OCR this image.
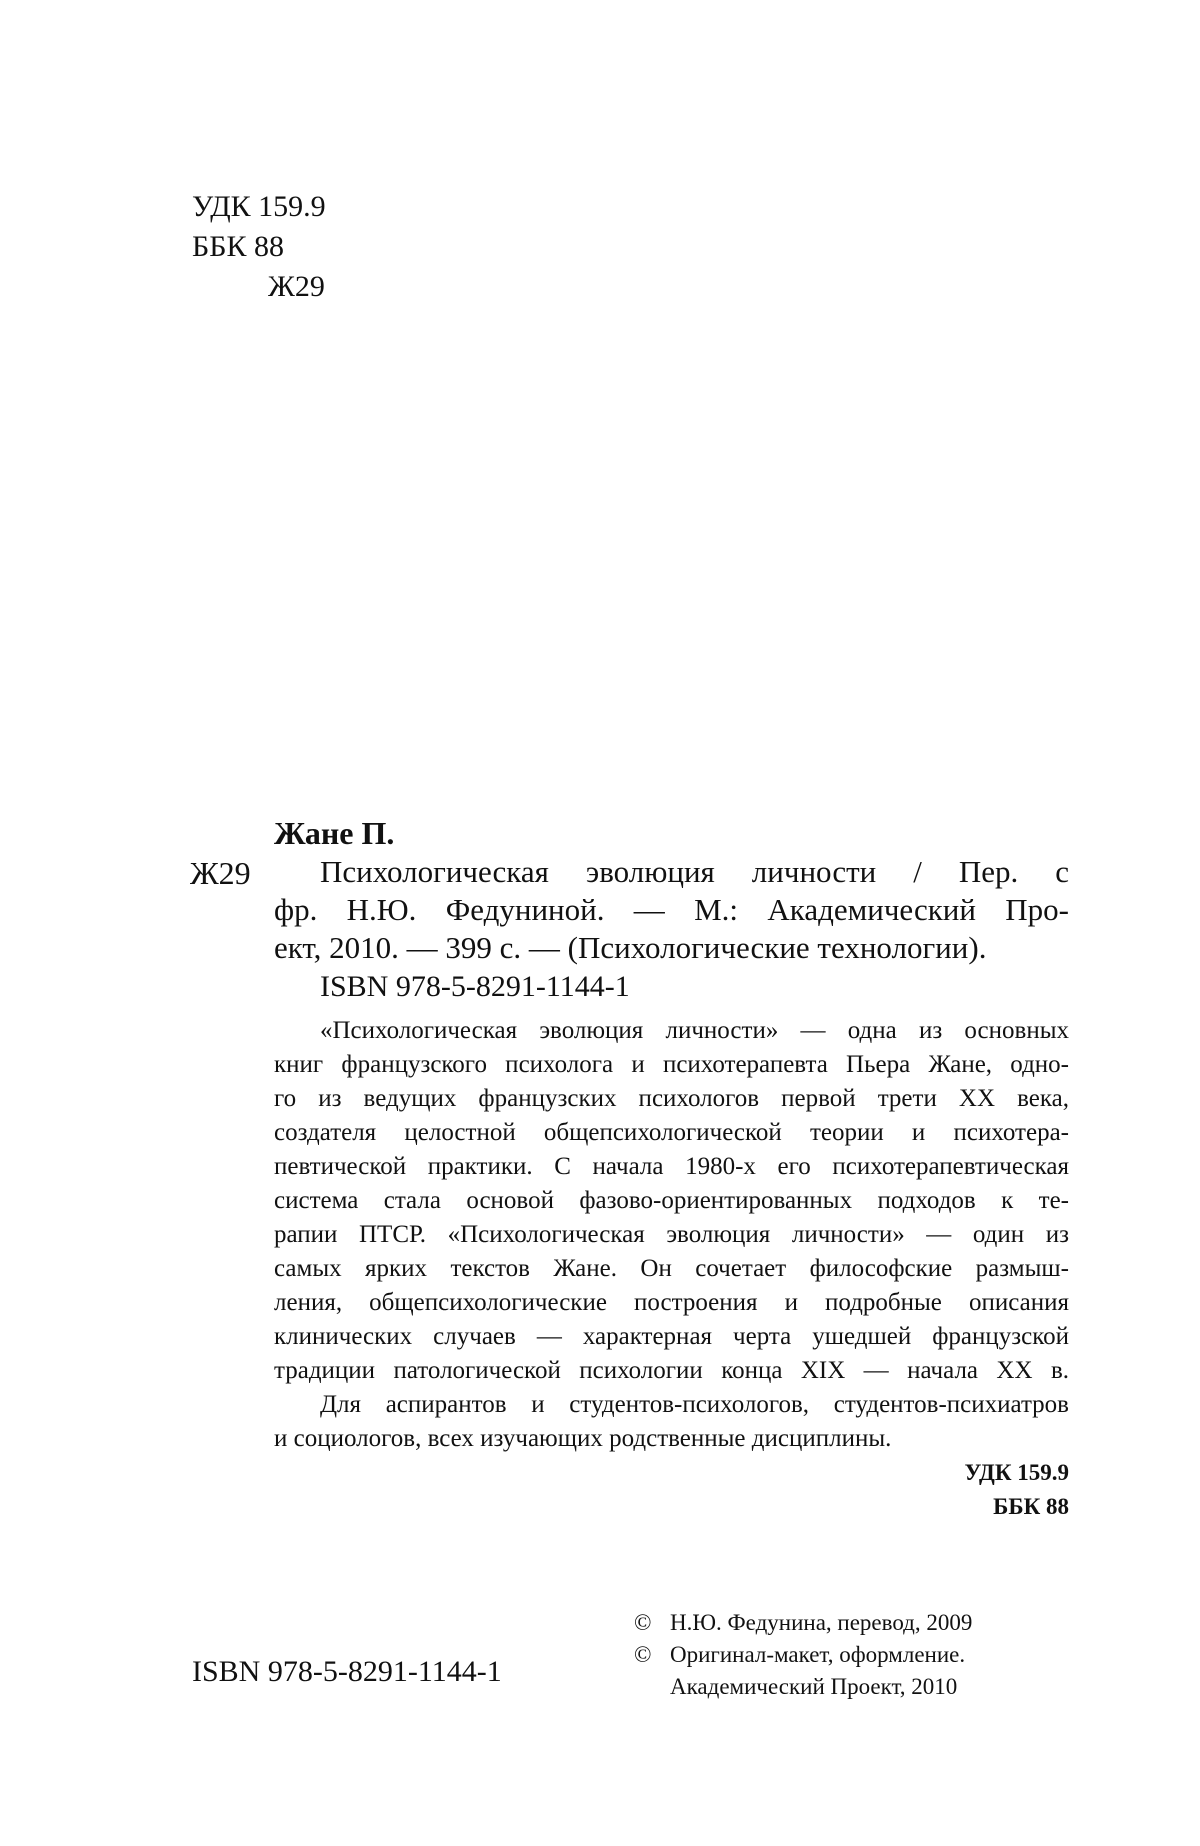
УДК 159.9
ББК 88
Ж29
Жане П.
Ж29	Психологическая эволюция личности / Пер. с
фр. Н.Ю. Федуниной. — М.: Академический Про-
ект, 2010. — 399 с. — (Психологические технологии).
ISBN 978-5-8291-1144-1
«Психологическая эволюция личности» — одна из основных
книг французского психолога и психотерапевта Пьера Жане, одно-
го из ведущих французских психологов первой трети XX века,
создателя целостной общепсихологической теории и психотера-
певтической практики. С начала 1980-х его психотерапевтическая
система стала основой фазово-ориентированных подходов к те-
рапии ПТСР. «Психологическая эволюция личности» — один из
самых ярких текстов Жане. Он сочетает философские размыш-
ления, общепсихологические построения и подробные описания
клинических случаев — характерная черта ушедшей французской
традиции патологической психологии конца XIX — начала XX в.
Для аспирантов и студентов-психологов, студентов-психиатров
и социологов, всех изучающих родственные дисциплины.
УДК 159.9
ББК 88
ISBN 978-5-8291-1144-1
© Н.Ю. Федунина, перевод, 2009
© Оригинал-макет, оформление.
Академический Проект, 2010
